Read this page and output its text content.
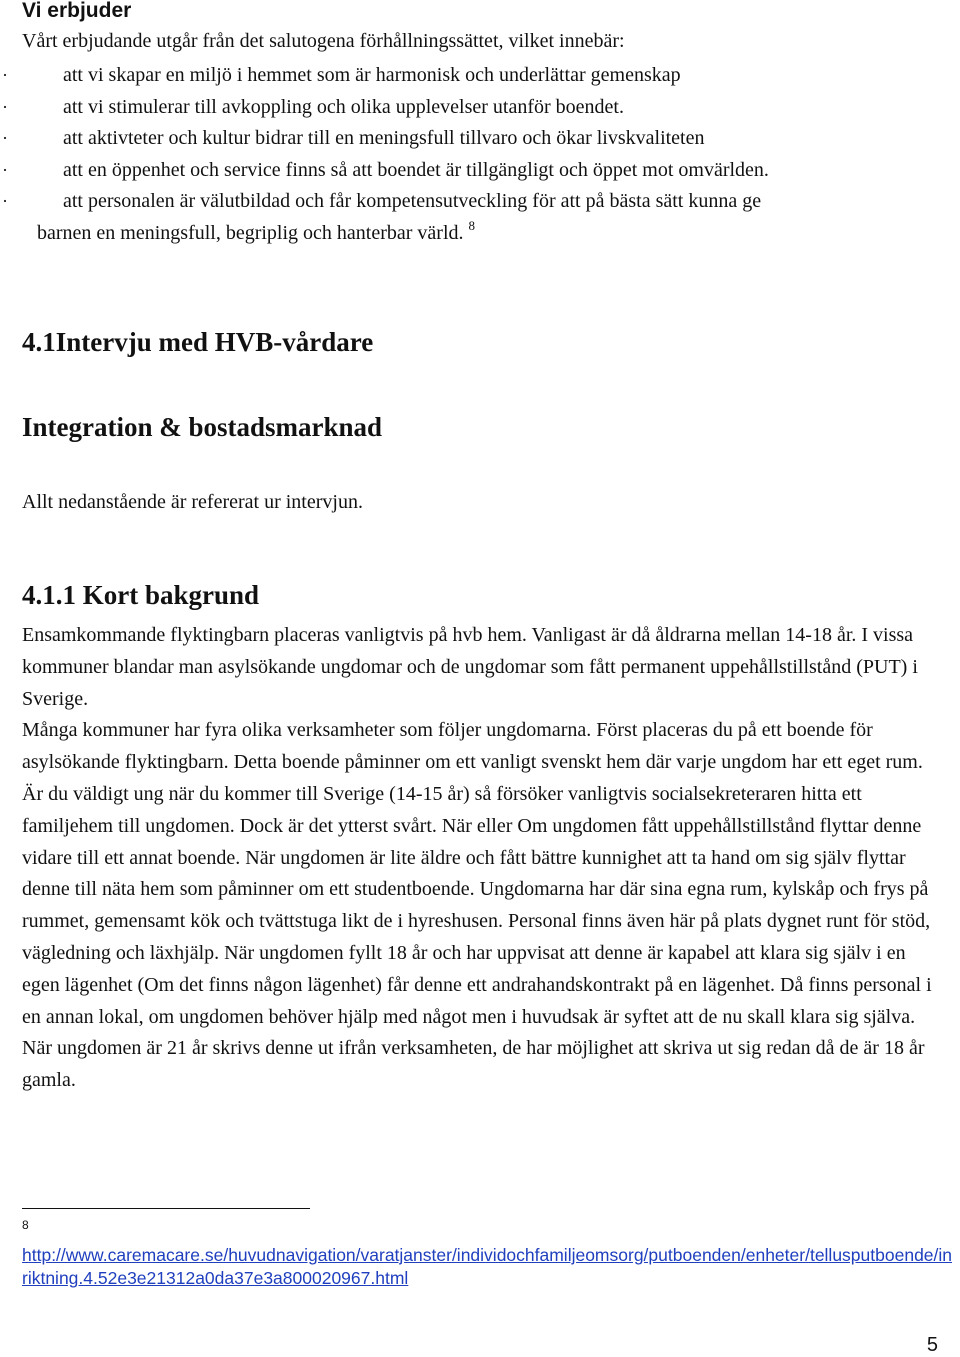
Vi erbjuder
Vårt erbjudande utgår från det salutogena förhållningssättet, vilket innebär:
·	att vi skapar en miljö i hemmet som är harmonisk och underlättar gemenskap
·	att vi stimulerar till avkoppling och olika upplevelser utanför boendet.
·	att aktivteter och kultur bidrar till en meningsfull tillvaro och ökar livskvaliteten
·	att en öppenhet och service finns så att boendet är tillgängligt och öppet mot omvärlden.
·	att personalen är välutbildad och får kompetensutveckling för att på bästa sätt kunna ge
barnen en meningsfull, begriplig och hanterbar värld. $^8$
4.1Intervju med HVB-vårdare
Integration & bostadsmarknad
Allt nedanstående är refererat ur intervjun.
4.1.1 Kort bakgrund

Ensamkommande flyktingbarn placeras vanligtvis på hvb hem. Vanligast är då åldrarna mellan 14-18 år. I vissa kommuner blandar man asylsökande ungdomar och de ungdomar som fått permanent uppehållstillstånd (PUT) i Sverige.

Många kommuner har fyra olika verksamheter som följer ungdomarna. Först placeras du på ett boende för asylsökande flyktingbarn. Detta boende påminner om ett vanligt svenskt hem där varje ungdom har ett eget rum. Är du väldigt ung när du kommer till Sverige (14-15 år) så försöker vanligtvis socialsekreteraren hitta ett familjehem till ungdomen. Dock är det ytterst svårt. När eller Om ungdomen fått uppehållstillstånd flyttar denne vidare till ett annat boende. När ungdomen är lite äldre och fått bättre kunnighet att ta hand om sig själv flyttar denne till näta hem som påminner om ett studentboende. Ungdomarna har där sina egna rum, kylskåp och frys på rummet, gemensamt kök och tvättstuga likt de i hyreshusen. Personal finns även här på plats dygnet runt för stöd, vägledning och läxhjälp. När ungdomen fyllt 18 år och har uppvisat att denne är kapabel att klara sig själv i en egen lägenhet (Om det finns någon lägenhet) får denne ett andrahandskontrakt på en lägenhet. Då finns personal i en annan lokal, om ungdomen behöver hjälp med något men i huvudsak är syftet att de nu skall klara sig själva. När ungdomen är 21 år skrivs denne ut ifrån verksamheten, de har möjlighet att skriva ut sig redan då de är 18 år gamla.

8
http://www.caremacare.se/huvudnavigation/varatjanster/individochfamiljeomsorg/putboenden/enheter/tellusputboende/inriktning.4.52e3e21312a0da37e3a800020967.html
5
